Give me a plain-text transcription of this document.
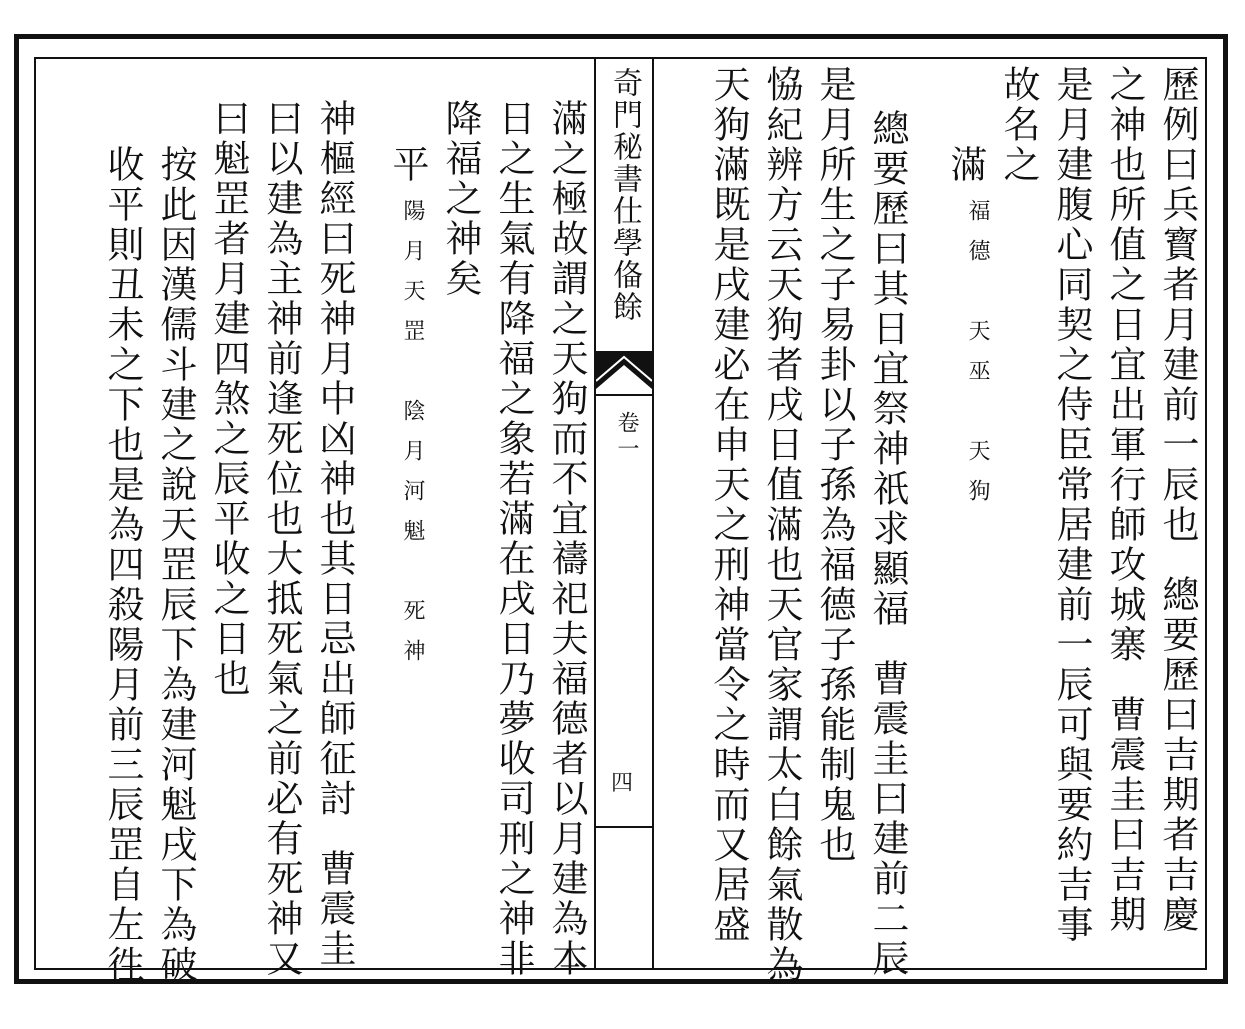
歷例曰兵寳者月建前一辰也總要歷曰吉期者吉慶
之神也所值之日宜出軍行師攻城寨曹震圭曰吉期
是月建腹心同契之侍臣常居建前一辰可與要約吉事
故名之
滿
福德　天巫　天狗
總要歷曰其日宜祭神祇求顯福曹震圭曰建前二辰
是月所生之子易卦以子孫為福德子孫能制鬼也
恊紀辨方云天狗者戌日值滿也天官家謂太白餘氣散為
天狗滿既是戌建必在申天之刑神當令之時而又居盛
奇門秘書仕學俻餘
卷一
四
滿之極故謂之天狗而不宜禱祀夫福德者以月建為本
日之生氣有降福之象若滿在戌日乃夢收司刑之神非
降福之神矣
平
陽月天罡　陰月河魁　死神
神樞經曰死神月中凶神也其日忌出師征討曹震圭
曰以建為主神前逢死位也大抵死氣之前必有死神又
曰魁罡者月建四煞之辰平收之日也
按此因漢儒斗建之說天罡辰下為建河魁戌下為破
收平則丑未之下也是為四殺陽月前三辰罡自左徃
